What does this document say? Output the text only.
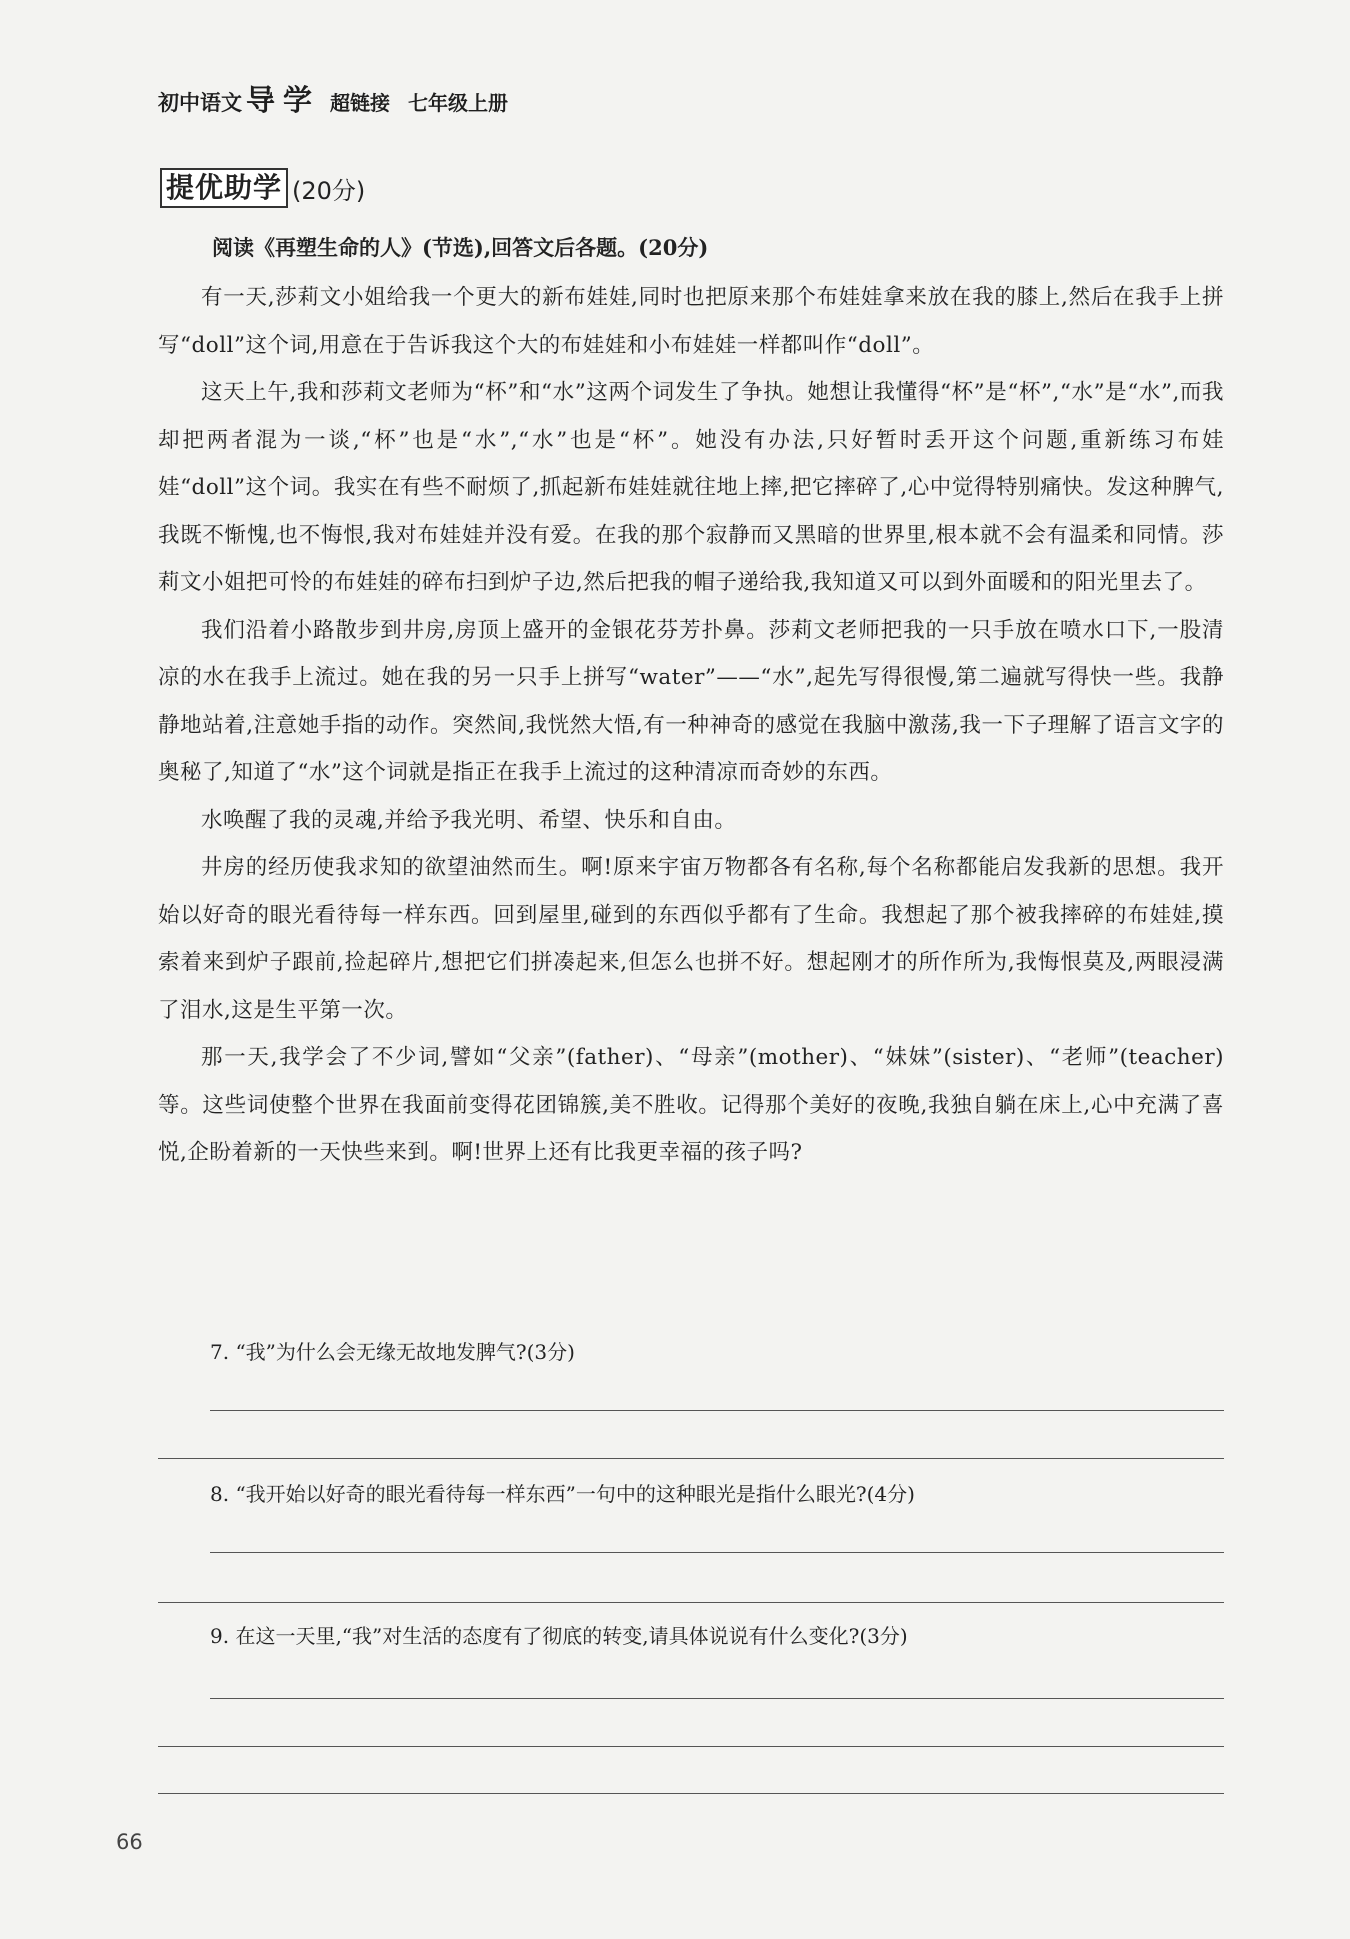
初中语文 导 学 超链接 七年级上册
提优助学 (20分)
阅读《再塑生命的人》(节选),回答文后各题。(20分)

有一天,莎莉文小姐给我一个更大的新布娃娃,同时也把原来那个布娃娃拿来放在我的膝上,然后在我手上拼写“doll”这个词,用意在于告诉我这个大的布娃娃和小布娃娃一样都叫作“doll”。

这天上午,我和莎莉文老师为“杯”和“水”这两个词发生了争执。她想让我懂得“杯”是“杯”,“水”是“水”,而我却把两者混为一谈,“杯”也是“水”,“水”也是“杯”。她没有办法,只好暂时丢开这个问题,重新练习布娃娃“doll”这个词。我实在有些不耐烦了,抓起新布娃娃就往地上摔,把它摔碎了,心中觉得特别痛快。发这种脾气,我既不惭愧,也不悔恨,我对布娃娃并没有爱。在我的那个寂静而又黑暗的世界里,根本就不会有温柔和同情。莎莉文小姐把可怜的布娃娃的碎布扫到炉子边,然后把我的帽子递给我,我知道又可以到外面暖和的阳光里去了。

我们沿着小路散步到井房,房顶上盛开的金银花芬芳扑鼻。莎莉文老师把我的一只手放在喷水口下,一股清凉的水在我手上流过。她在我的另一只手上拼写“water”——“水”,起先写得很慢,第二遍就写得快一些。我静静地站着,注意她手指的动作。突然间,我恍然大悟,有一种神奇的感觉在我脑中激荡,我一下子理解了语言文字的奥秘了,知道了“水”这个词就是指正在我手上流过的这种清凉而奇妙的东西。

水唤醒了我的灵魂,并给予我光明、希望、快乐和自由。

井房的经历使我求知的欲望油然而生。啊!原来宇宙万物都各有名称,每个名称都能启发我新的思想。我开始以好奇的眼光看待每一样东西。回到屋里,碰到的东西似乎都有了生命。我想起了那个被我摔碎的布娃娃,摸索着来到炉子跟前,捡起碎片,想把它们拼凑起来,但怎么也拼不好。想起刚才的所作所为,我悔恨莫及,两眼浸满了泪水,这是生平第一次。

那一天,我学会了不少词,譬如“父亲”(father)、“母亲”(mother)、“妹妹”(sister)、“老师”(teacher)等。这些词使整个世界在我面前变得花团锦簇,美不胜收。记得那个美好的夜晚,我独自躺在床上,心中充满了喜悦,企盼着新的一天快些来到。啊!世界上还有比我更幸福的孩子吗?

7. “我”为什么会无缘无故地发脾气?(3分)
8. “我开始以好奇的眼光看待每一样东西”一句中的这种眼光是指什么眼光?(4分)
9. 在这一天里,“我”对生活的态度有了彻底的转变,请具体说说有什么变化?(3分)
66
